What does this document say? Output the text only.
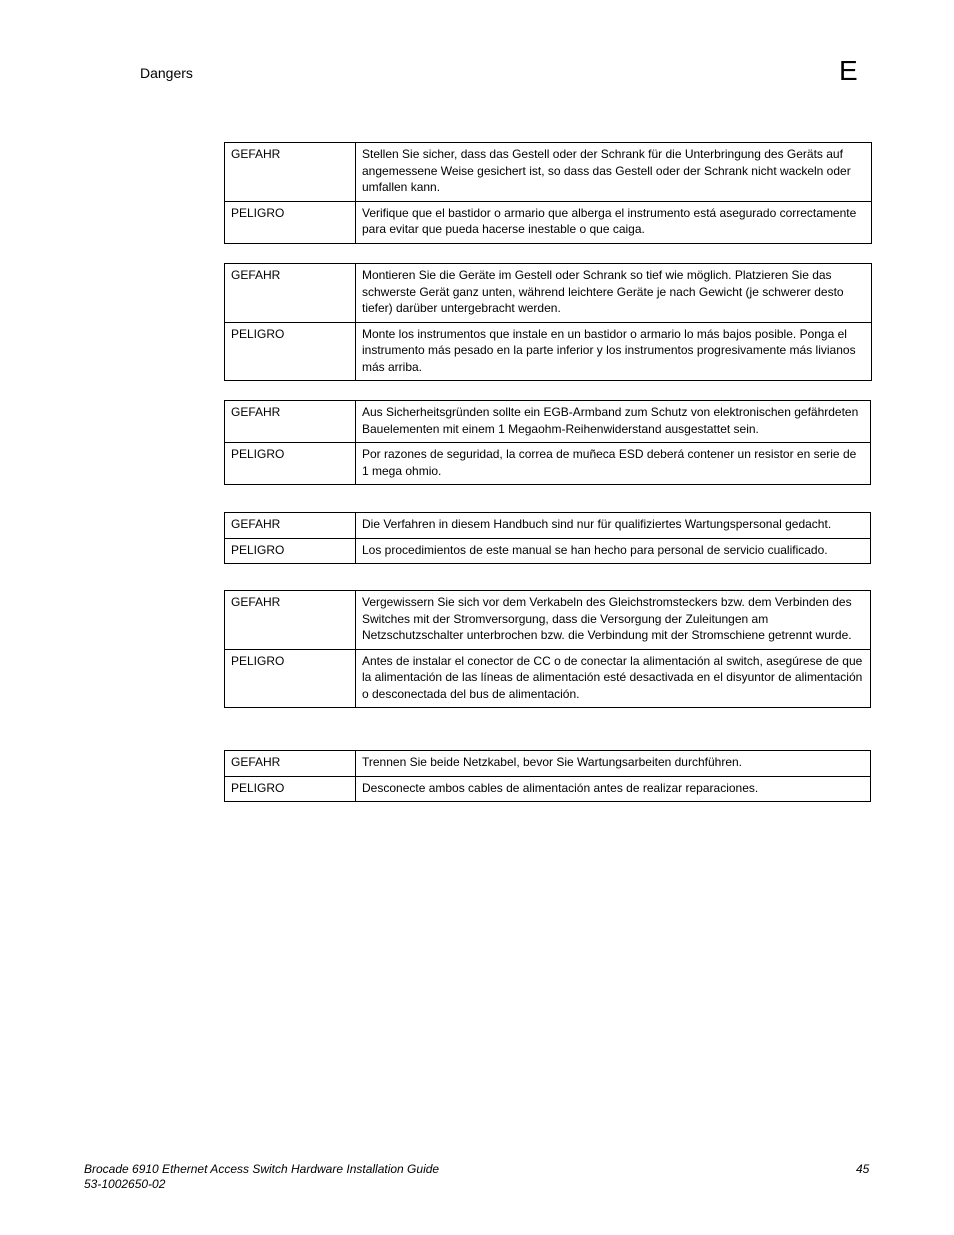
Dangers	E
GEFAHR	Stellen Sie sicher, dass das Gestell oder der Schrank für die Unterbringung des Geräts auf angemessene Weise gesichert ist, so dass das Gestell oder der Schrank nicht wackeln oder umfallen kann.
PELIGRO	Verifique que el bastidor o armario que alberga el instrumento está asegurado correctamente para evitar que pueda hacerse inestable o que caiga.
GEFAHR	Montieren Sie die Geräte im Gestell oder Schrank so tief wie möglich. Platzieren Sie das schwerste Gerät ganz unten, während leichtere Geräte je nach Gewicht (je schwerer desto tiefer) darüber untergebracht werden.
PELIGRO	Monte los instrumentos que instale en un bastidor o armario lo más bajos posible. Ponga el instrumento más pesado en la parte inferior y los instrumentos progresivamente más livianos más arriba.
GEFAHR	Aus Sicherheitsgründen sollte ein EGB-Armband zum Schutz von elektronischen gefährdeten Bauelementen mit einem 1 Megaohm-Reihenwiderstand ausgestattet sein.
PELIGRO	Por razones de seguridad, la correa de muñeca ESD deberá contener un resistor en serie de 1 mega ohmio.
GEFAHR	Die Verfahren in diesem Handbuch sind nur für qualifiziertes Wartungspersonal gedacht.
PELIGRO	Los procedimientos de este manual se han hecho para personal de servicio cualificado.
GEFAHR	Vergewissern Sie sich vor dem Verkabeln des Gleichstromsteckers bzw. dem Verbinden des Switches mit der Stromversorgung, dass die Versorgung der Zuleitungen am Netzschutzschalter unterbrochen bzw. die Verbindung mit der Stromschiene getrennt wurde.
PELIGRO	Antes de instalar el conector de CC o de conectar la alimentación al switch, asegúrese de que la alimentación de las líneas de alimentación esté desactivada en el disyuntor de alimentación o desconectada del bus de alimentación.
GEFAHR	Trennen Sie beide Netzkabel, bevor Sie Wartungsarbeiten durchführen.
PELIGRO	Desconecte ambos cables de alimentación antes de realizar reparaciones.
Brocade 6910 Ethernet Access Switch Hardware Installation Guide
53-1002650-02
45
